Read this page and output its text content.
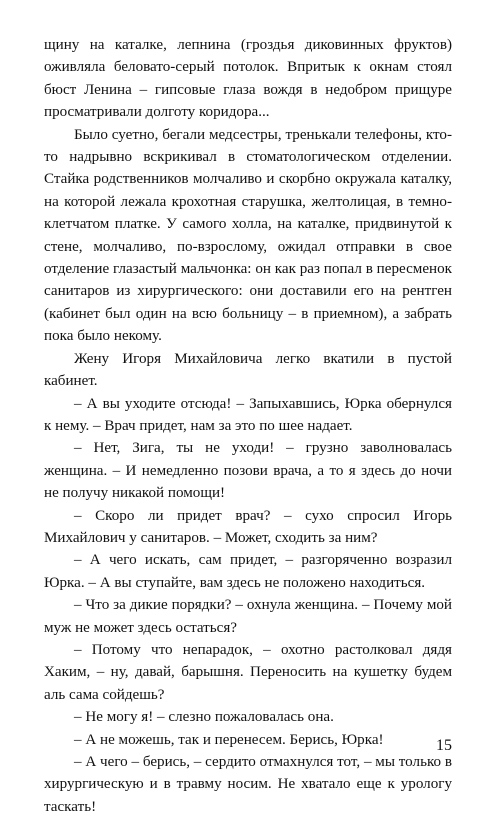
щину на каталке, лепнина (гроздья диковинных фруктов) оживляла беловато-серый потолок. Впритык к окнам стоял бюст Ленина – гипсовые глаза вождя в недобром прищуре просматривали долготу коридора...

Было суетно, бегали медсестры, тренькали телефоны, кто-то надрывно вскрикивал в стоматологическом отделении. Стайка родственников молчаливо и скорбно окружала каталку, на которой лежала крохотная старушка, желтолицая, в темно-клетчатом платке. У самого холла, на каталке, придвинутой к стене, молчаливо, по-взрослому, ожидал отправки в свое отделение глазастый мальчонка: он как раз попал в пересменок санитаров из хирургического: они доставили его на рентген (кабинет был один на всю больницу – в приемном), а забрать пока было некому.

Жену Игоря Михайловича легко вкатили в пустой кабинет.

– А вы уходите отсюда! – Запыхавшись, Юрка обернулся к нему. – Врач придет, нам за это по шее надает.

– Нет, Зига, ты не уходи! – грузно заволновалась женщина. – И немедленно позови врача, а то я здесь до ночи не получу никакой помощи!

– Скоро ли придет врач? – сухо спросил Игорь Михайлович у санитаров. – Может, сходить за ним?

– А чего искать, сам придет, – разгоряченно возразил Юрка. – А вы ступайте, вам здесь не положено находиться.

– Что за дикие порядки? – охнула женщина. – Почему мой муж не может здесь остаться?

– Потому что непарадок, – охотно растолковал дядя Хаким, – ну, давай, барышня. Переносить на кушетку будем аль сама сойдешь?

– Не могу я! – слезно пожаловалась она.

– А не можешь, так и перенесем. Берись, Юрка!

– А чего – берись, – сердито отмахнулся тот, – мы только в хирургическую и в травму носим. Не хватало еще к урологу таскать!

15
